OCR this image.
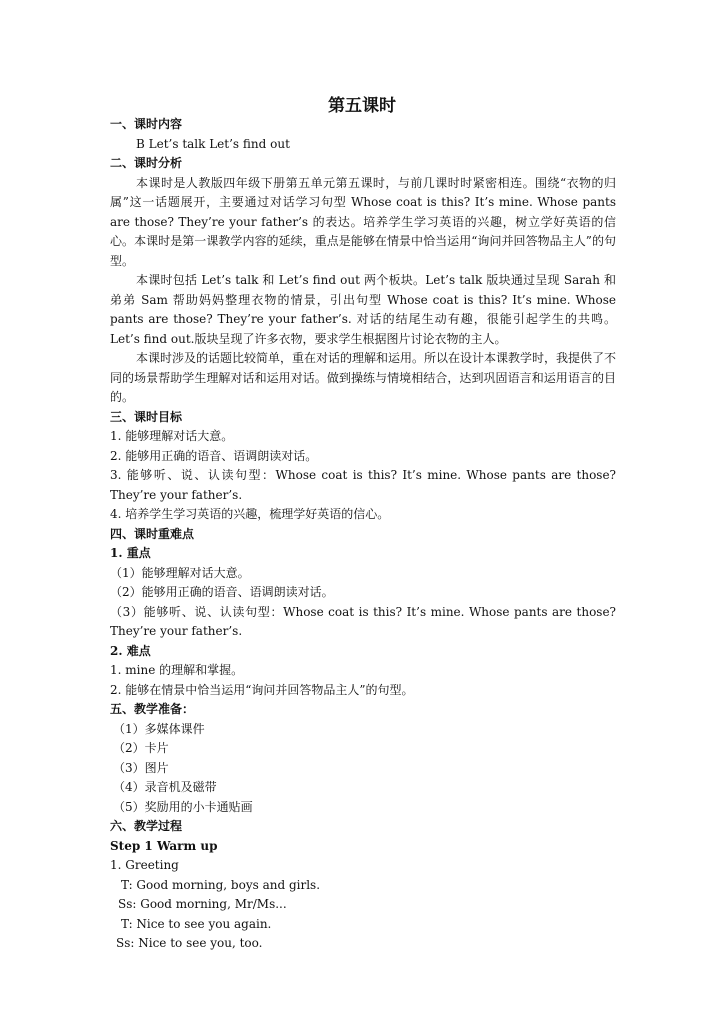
第五课时

一、课时内容

B Let’s talk Let’s find out

二、课时分析

本课时是人教版四年级下册第五单元第五课时，与前几课时时紧密相连。围绕“衣物的归属”这一话题展开，主要通过对话学习句型 Whose coat is this? It’s mine. Whose pants are those? They’re your father’s 的表达。培养学生学习英语的兴趣，树立学好英语的信心。本课时是第一课教学内容的延续，重点是能够在情景中恰当运用“询问并回答物品主人”的句型。
本课时包括 Let’s talk 和 Let’s find out 两个板块。Let’s talk 版块通过呈现 Sarah 和弟弟 Sam 帮助妈妈整理衣物的情景，引出句型 Whose coat is this? It’s mine. Whose pants are those? They’re your father’s. 对话的结尾生动有趣，很能引起学生的共鸣。Let’s find out.版块呈现了许多衣物，要求学生根据图片讨论衣物的主人。
本课时涉及的话题比较简单，重在对话的理解和运用。所以在设计本课教学时，我提供了不同的场景帮助学生理解对话和运用对话。做到操练与情境相结合，达到巩固语言和运用语言的目的。

三、课时目标

1. 能够理解对话大意。

2. 能够用正确的语音、语调朗读对话。

3. 能够听、说、认读句型：Whose coat is this? It’s mine. Whose pants are those? They’re your father’s.

4. 培养学生学习英语的兴趣，梳理学好英语的信心。

四、课时重难点

1. 重点

（1）能够理解对话大意。

（2）能够用正确的语音、语调朗读对话。

（3）能够听、说、认读句型：Whose coat is this? It’s mine. Whose pants are those? They’re your father’s.

2. 难点

1. mine 的理解和掌握。

2. 能够在情景中恰当运用“询问并回答物品主人”的句型。

五、教学准备：

（1）多媒体课件

（2）卡片

（3）图片

（4）录音机及磁带

（5）奖励用的小卡通贴画

六、教学过程

Step 1 Warm up

1. Greeting

T: Good morning, boys and girls.

Ss: Good morning, Mr/Ms...

T: Nice to see you again.

Ss: Nice to see you, too.
